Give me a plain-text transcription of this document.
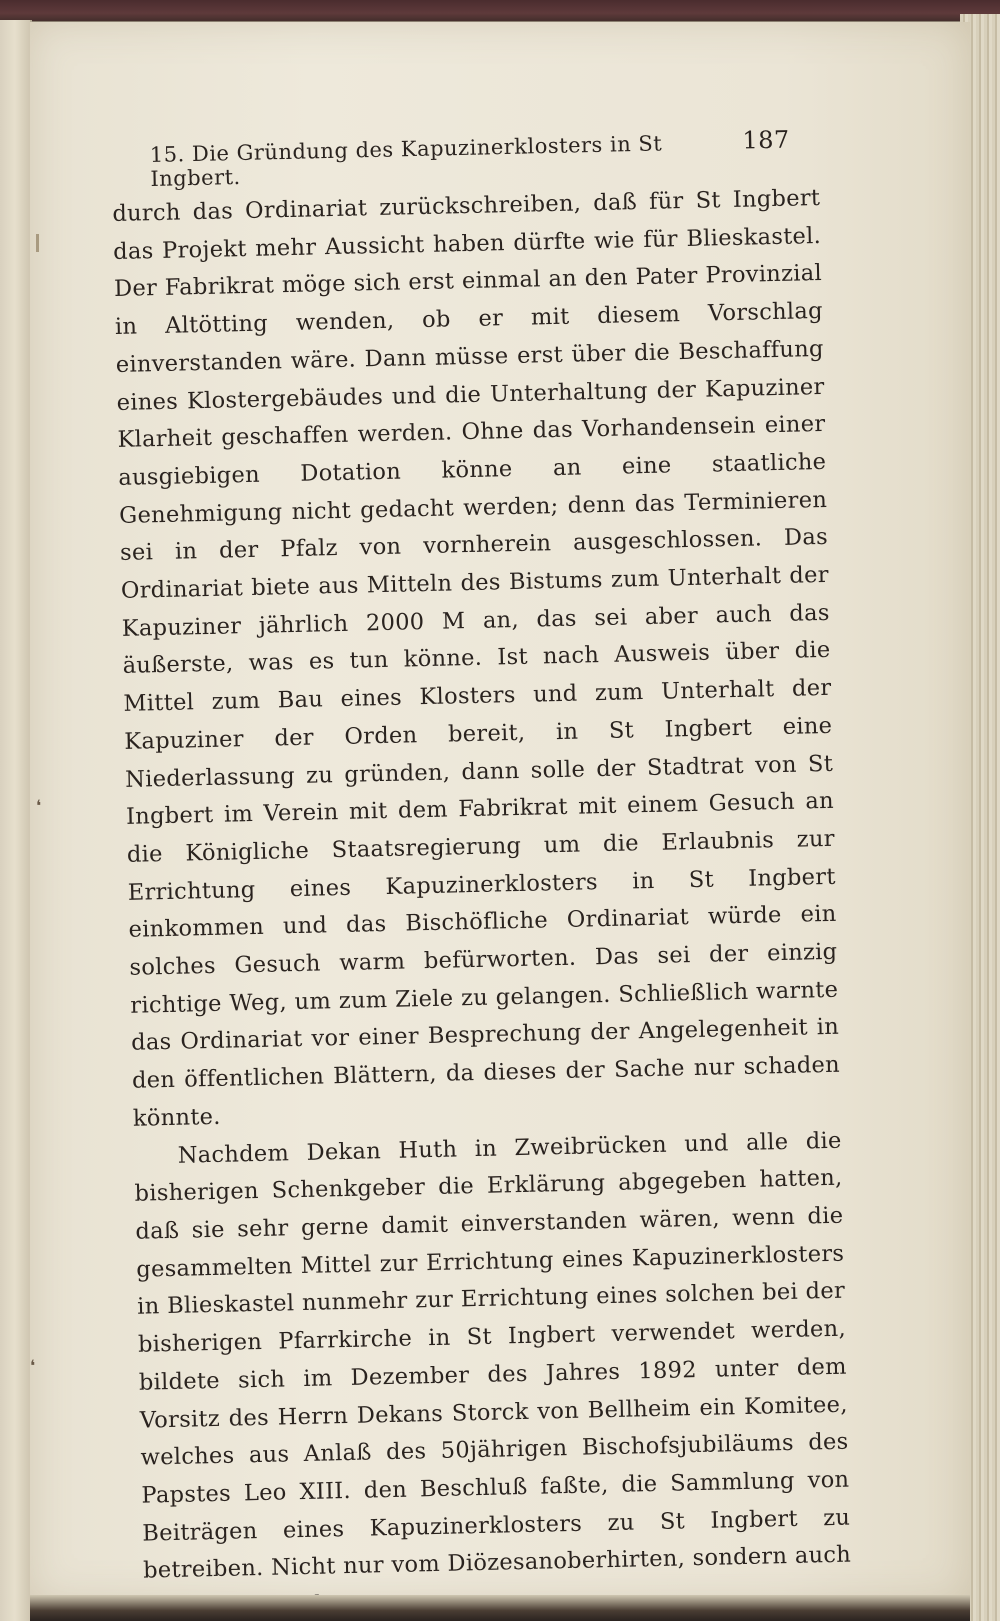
15. Die Gründung des Kapuzinerklosters in St Ingbert.
187

durch das Ordinariat zurückschreiben, daß für St Ingbert das Projekt mehr Aussicht haben dürfte wie für Blieskastel. Der Fabrikrat möge sich erst einmal an den Pater Provinzial in Altötting wenden, ob er mit diesem Vorschlag einverstanden wäre. Dann müsse erst über die Beschaffung eines Klostergebäudes und die Unterhaltung der Kapuziner Klarheit geschaffen werden. Ohne das Vorhandensein einer ausgiebigen Dotation könne an eine staatliche Genehmigung nicht gedacht werden; denn das Terminieren sei in der Pfalz von vornherein ausgeschlossen. Das Ordinariat biete aus Mitteln des Bistums zum Unterhalt der Kapuziner jährlich 2000 M an, das sei aber auch das äußerste, was es tun könne. Ist nach Ausweis über die Mittel zum Bau eines Klosters und zum Unterhalt der Kapuziner der Orden bereit, in St Ingbert eine Niederlassung zu gründen, dann solle der Stadtrat von St Ingbert im Verein mit dem Fabrikrat mit einem Gesuch an die Königliche Staatsregierung um die Erlaubnis zur Errichtung eines Kapuzinerklosters in St Ingbert einkommen und das Bischöfliche Ordinariat würde ein solches Gesuch warm befürworten. Das sei der einzig richtige Weg, um zum Ziele zu gelangen. Schließlich warnte das Ordinariat vor einer Besprechung der Angelegenheit in den öffentlichen Blättern, da dieses der Sache nur schaden könnte.

Nachdem Dekan Huth in Zweibrücken und alle die bisherigen Schenkgeber die Erklärung abgegeben hatten, daß sie sehr gerne damit einverstanden wären, wenn die gesammelten Mittel zur Errichtung eines Kapuzinerklosters in Blieskastel nunmehr zur Errichtung eines solchen bei der bisherigen Pfarrkirche in St Ingbert verwendet werden, bildete sich im Dezember des Jahres 1892 unter dem Vorsitz des Herrn Dekans Storck von Bellheim ein Komitee, welches aus Anlaß des 50jährigen Bischofsjubiläums des Papstes Leo XIII. den Beschluß faßte, die Sammlung von Beiträgen eines Kapuzinerklosters zu St Ingbert zu betreiben. Nicht nur vom Diözesanoberhirten, sondern auch

❛
❛
